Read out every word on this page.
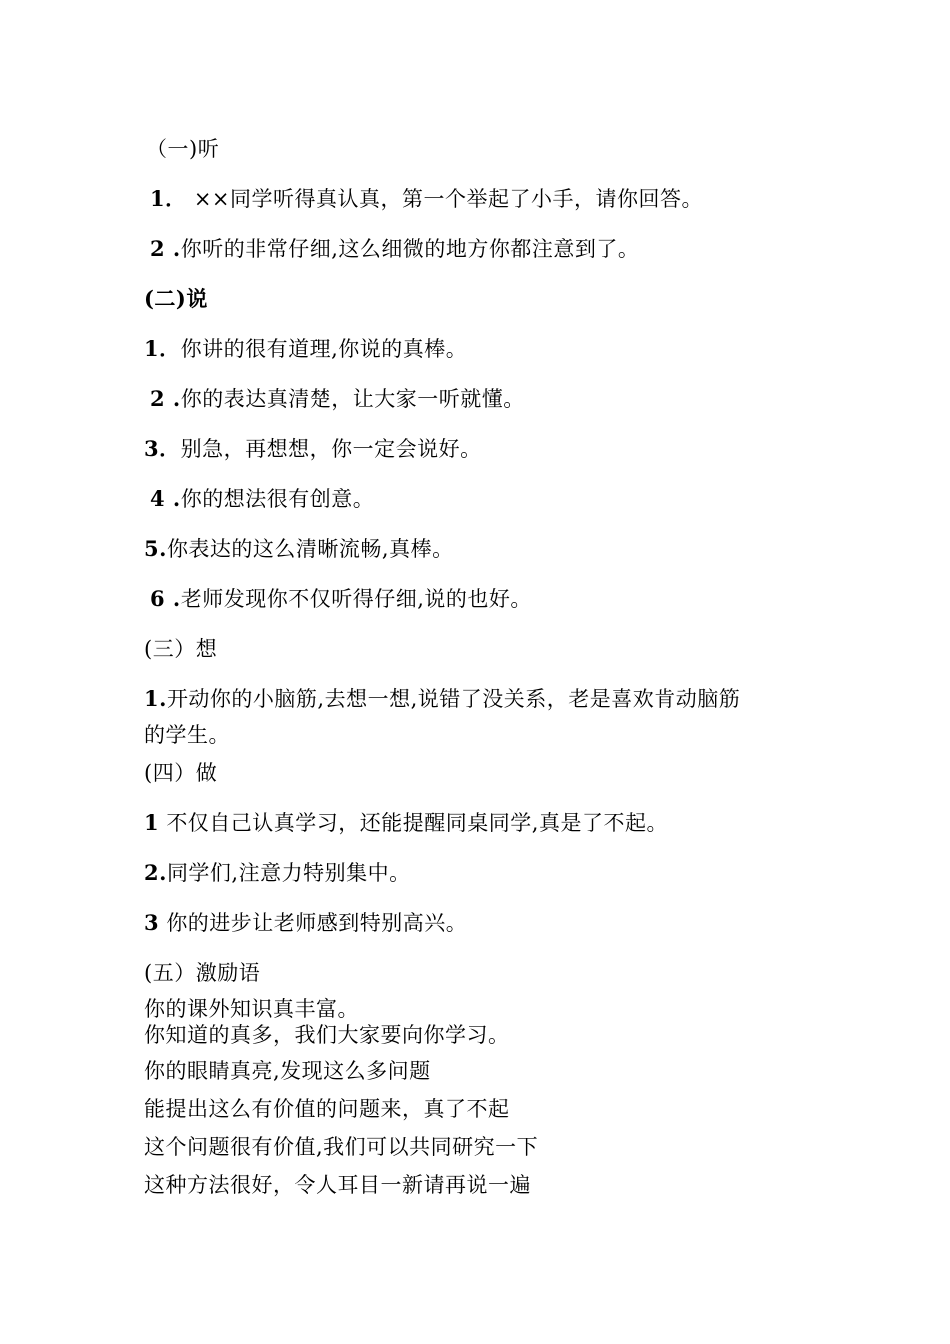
（一)听
1． ××同学听得真认真，第一个举起了小手，请你回答。
2 .你听的非常仔细,这么细微的地方你都注意到了。
(二)说
1．你讲的很有道理,你说的真棒。
2 .你的表达真清楚，让大家一听就懂。
3．别急，再想想，你一定会说好。
4 .你的想法很有创意。
5.你表达的这么清晰流畅,真棒。
6 .老师发现你不仅听得仔细,说的也好。
(三）想
1.开动你的小脑筋,去想一想,说错了没关系，老是喜欢肯动脑筋
的学生。
(四）做
1 不仅自己认真学习，还能提醒同桌同学,真是了不起。
2.同学们,注意力特别集中。
3 你的进步让老师感到特别高兴。
(五）激励语
你的课外知识真丰富。
你知道的真多，我们大家要向你学习。
你的眼睛真亮,发现这么多问题
能提出这么有价值的问题来，真了不起
这个问题很有价值,我们可以共同研究一下
这种方法很好，令人耳目一新请再说一遍
